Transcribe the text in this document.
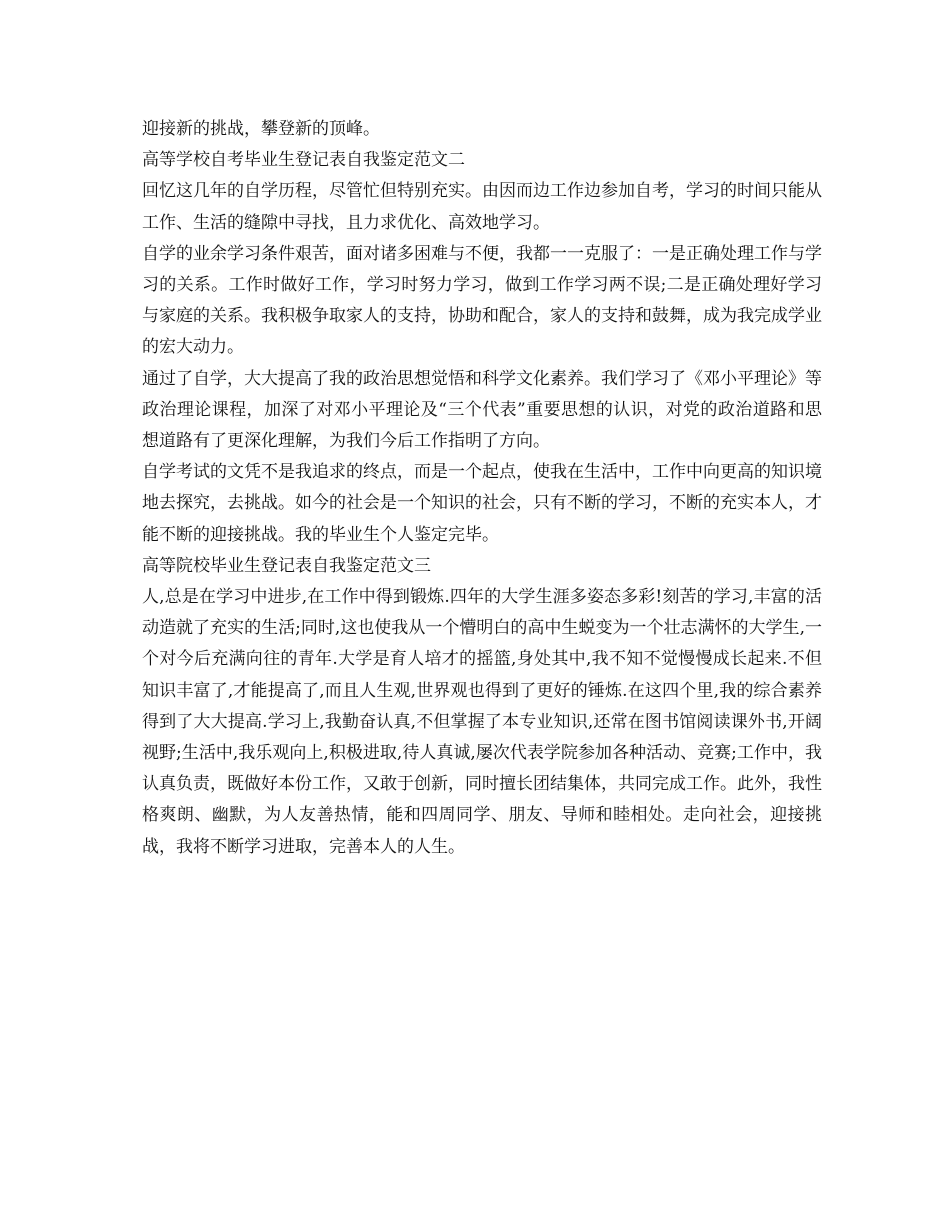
迎接新的挑战，攀登新的顶峰。

高等学校自考毕业生登记表自我鉴定范文二

回忆这几年的自学历程，尽管忙但特别充实。由因而边工作边参加自考，学习的时间只能从工作、生活的缝隙中寻找，且力求优化、高效地学习。

自学的业余学习条件艰苦，面对诸多困难与不便，我都一一克服了：一是正确处理工作与学习的关系。工作时做好工作，学习时努力学习，做到工作学习两不误;二是正确处理好学习与家庭的关系。我积极争取家人的支持，协助和配合，家人的支持和鼓舞，成为我完成学业的宏大动力。

通过了自学，大大提高了我的政治思想觉悟和科学文化素养。我们学习了《邓小平理论》等政治理论课程，加深了对邓小平理论及“三个代表”重要思想的认识，对党的政治道路和思想道路有了更深化理解，为我们今后工作指明了方向。

自学考试的文凭不是我追求的终点，而是一个起点，使我在生活中，工作中向更高的知识境地去探究，去挑战。如今的社会是一个知识的社会，只有不断的学习，不断的充实本人，才能不断的迎接挑战。我的毕业生个人鉴定完毕。

高等院校毕业生登记表自我鉴定范文三

人,总是在学习中进步,在工作中得到锻炼.四年的大学生涯多姿态多彩!刻苦的学习,丰富的活动造就了充实的生活;同时,这也使我从一个懵明白的高中生蜕变为一个壮志满怀的大学生,一个对今后充满向往的青年.大学是育人培才的摇篮,身处其中,我不知不觉慢慢成长起来.不但知识丰富了,才能提高了,而且人生观,世界观也得到了更好的锤炼.在这四个里,我的综合素养得到了大大提高.学习上,我勤奋认真,不但掌握了本专业知识,还常在图书馆阅读课外书,开阔视野;生活中,我乐观向上,积极进取,待人真诚,屡次代表学院参加各种活动、竞赛;工作中，我认真负责，既做好本份工作，又敢于创新，同时擅长团结集体，共同完成工作。此外，我性格爽朗、幽默，为人友善热情，能和四周同学、朋友、导师和睦相处。走向社会，迎接挑战，我将不断学习进取，完善本人的人生。
